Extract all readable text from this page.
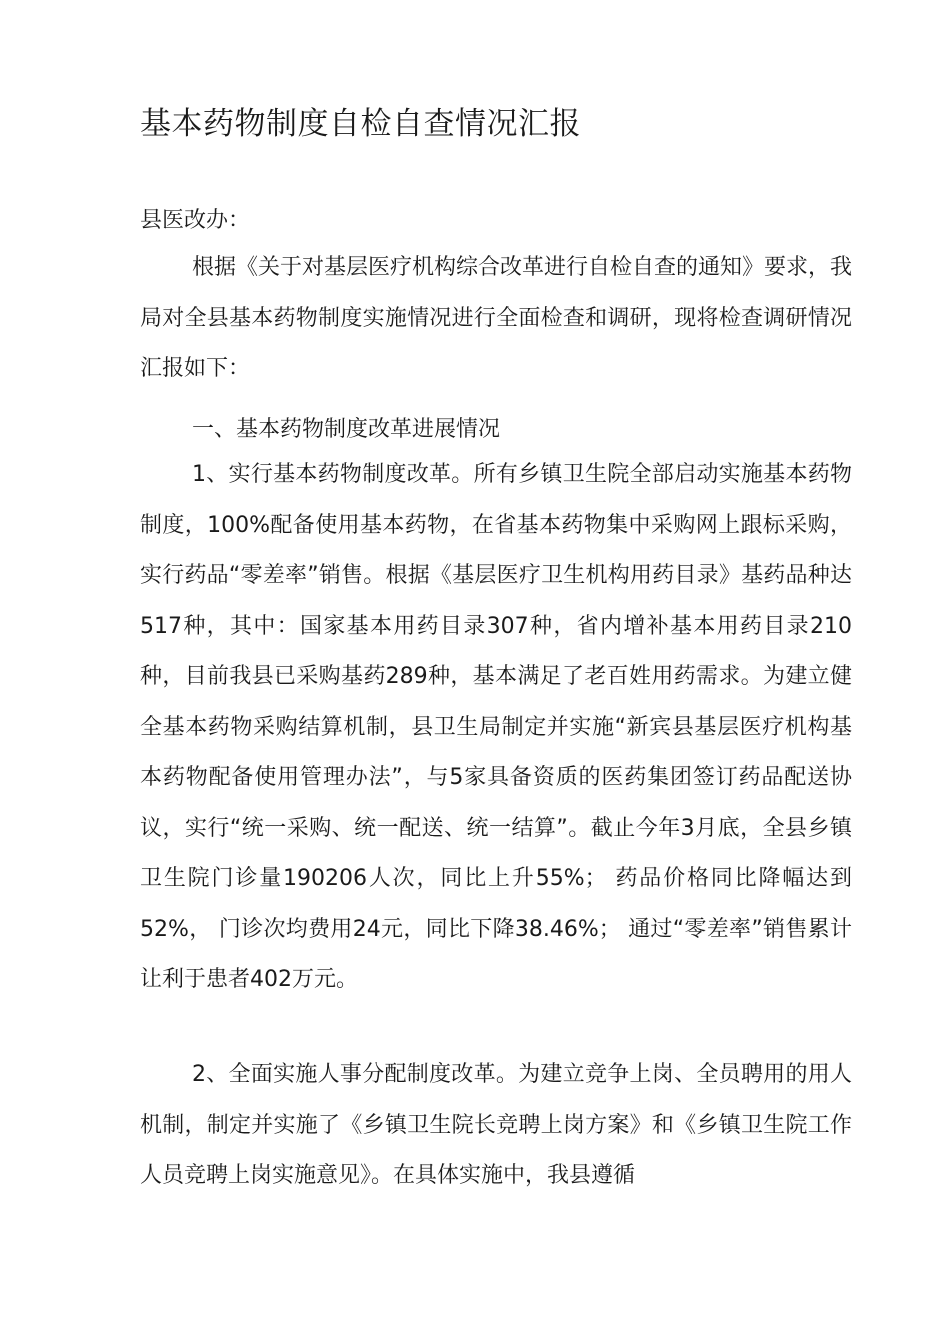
基本药物制度自检自查情况汇报
县医改办：

根据《关于对基层医疗机构综合改革进行自检自查的通知》要求，我局对全县基本药物制度实施情况进行全面检查和调研，现将检查调研情况汇报如下：

一、基本药物制度改革进展情况

1、实行基本药物制度改革。所有乡镇卫生院全部启动实施基本药物制度，100%配备使用基本药物，在省基本药物集中采购网上跟标采购，实行药品“零差率”销售。根据《基层医疗卫生机构用药目录》基药品种达517种，其中：国家基本用药目录307种，省内增补基本用药目录210种，目前我县已采购基药289种，基本满足了老百姓用药需求。为建立健全基本药物采购结算机制，县卫生局制定并实施“新宾县基层医疗机构基本药物配备使用管理办法”，与5家具备资质的医药集团签订药品配送协议，实行“统一采购、统一配送、统一结算”。截止今年3月底，全县乡镇卫生院门诊量190206人次，同比上升55%； 药品价格同比降幅达到52%， 门诊次均费用24元，同比下降38.46%； 通过“零差率”销售累计让利于患者402万元。

2、全面实施人事分配制度改革。为建立竞争上岗、全员聘用的用人机制，制定并实施了《乡镇卫生院长竞聘上岗方案》和《乡镇卫生院工作人员竞聘上岗实施意见》。在具体实施中，我县遵循
